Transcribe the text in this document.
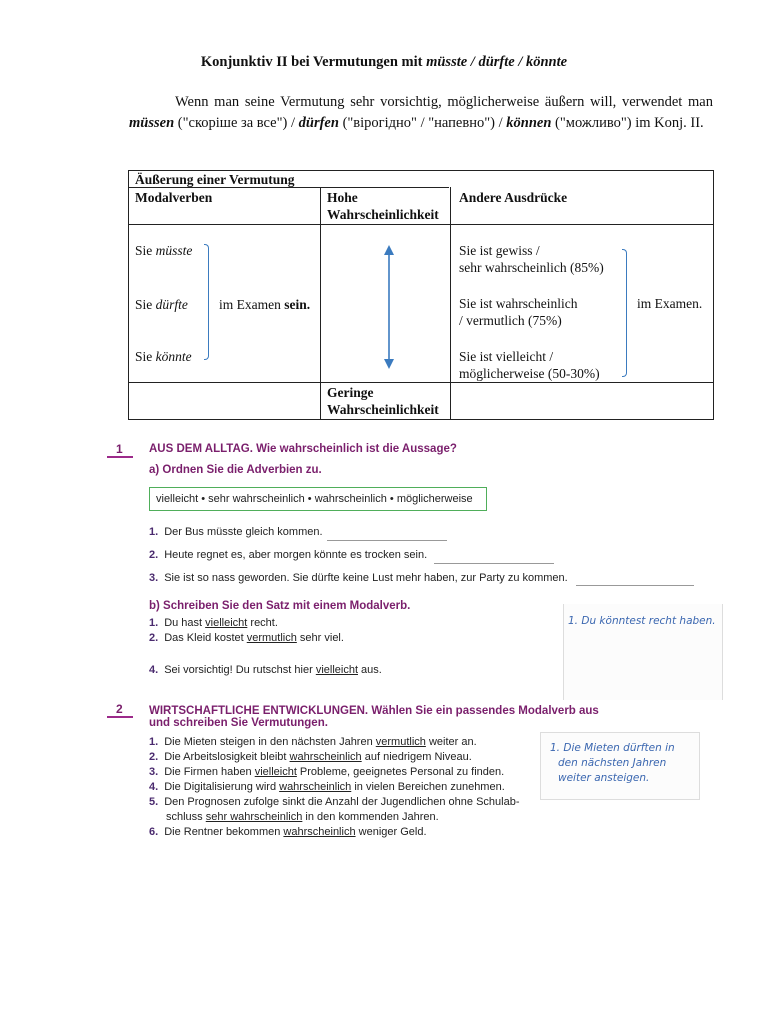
Konjunktiv II bei Vermutungen mit müsste / dürfte / könnte

Wenn man seine Vermutung sehr vorsichtig, möglicherweise äußern will, verwendet man müssen ("скоріше за все") / dürfen ("вірогідно" / "напевно") / können ("можливо") im Konj. II.

Äußerung einer Vermutung
Modalverben	Hohe
Wahrscheinlichkeit
Andere Ausdrücke
Sie müsste
Sie dürfte
Sie könnte
im Examen sein.
Sie ist gewiss /
sehr wahrscheinlich (85%)
Sie ist wahrscheinlich
/ vermutlich (75%)
Sie ist vielleicht /
möglicherweise (50-30%)
im Examen.
Geringe
Wahrscheinlichkeit
1 AUS DEM ALLTAG. Wie wahrscheinlich ist die Aussage?
a) Ordnen Sie die Adverbien zu.
vielleicht • sehr wahrscheinlich • wahrscheinlich • möglicherweise
1. Der Bus müsste gleich kommen.
2. Heute regnet es, aber morgen könnte es trocken sein.
3. Sie ist so nass geworden. Sie dürfte keine Lust mehr haben, zur Party zu kommen.
b) Schreiben Sie den Satz mit einem Modalverb.
1. Du hast vielleicht recht.
2. Das Kleid kostet vermutlich sehr viel.
4. Sei vorsichtig! Du rutschst hier vielleicht aus.
1. Du könntest recht haben.
2 WIRTSCHAFTLICHE ENTWICKLUNGEN. Wählen Sie ein passendes Modalverb aus
und schreiben Sie Vermutungen.
1. Die Mieten steigen in den nächsten Jahren vermutlich weiter an.
2. Die Arbeitslosigkeit bleibt wahrscheinlich auf niedrigem Niveau.
3. Die Firmen haben vielleicht Probleme, geeignetes Personal zu finden.
4. Die Digitalisierung wird wahrscheinlich in vielen Bereichen zunehmen.
5. Den Prognosen zufolge sinkt die Anzahl der Jugendlichen ohne Schulab-
schluss sehr wahrscheinlich in den kommenden Jahren.
6. Die Rentner bekommen wahrscheinlich weniger Geld.
1. Die Mieten dürften in
den nächsten Jahren
weiter ansteigen.
